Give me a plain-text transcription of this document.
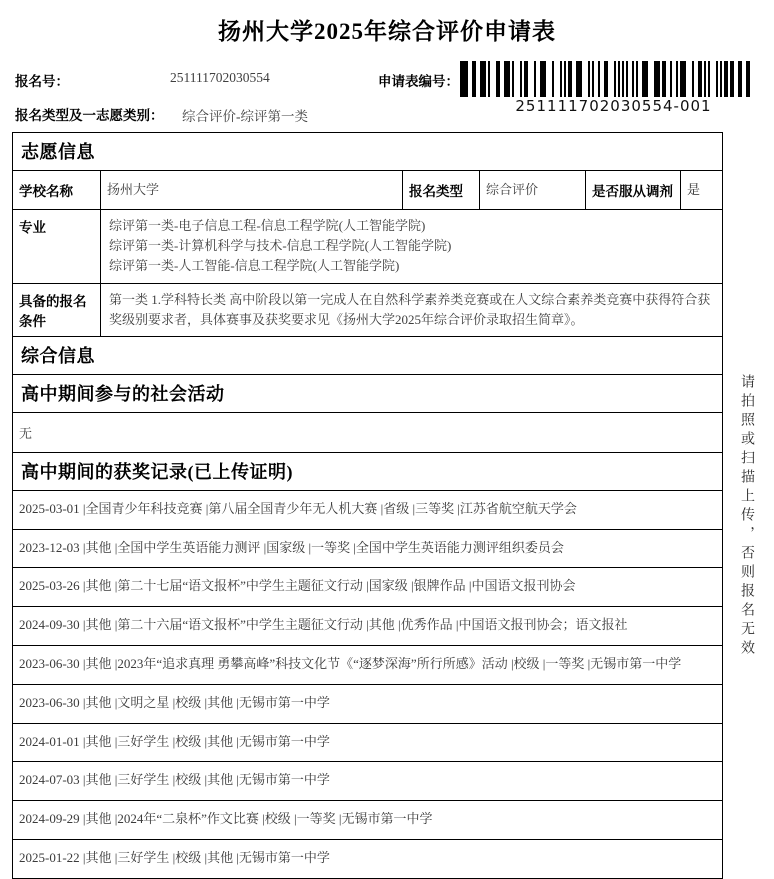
扬州大学2025年综合评价申请表
报名号：	251111702030554	申请表编号：
251111702030554-001
报名类型及一志愿类别： 综合评价-综评第一类
志愿信息
学校名称	扬州大学	报名类型	综合评价	是否服从调剂	是
专业	综评第一类-电子信息工程-信息工程学院(人工智能学院)
综评第一类-计算机科学与技术-信息工程学院(人工智能学院)
综评第一类-人工智能-信息工程学院(人工智能学院)
具备的报名条件
第一类 1.学科特长类 高中阶段以第一完成人在自然科学素养类竞赛或在人文综合素养类竞赛中获得符合获奖级别要求者，具体赛事及获奖要求见《扬州大学2025年综合评价录取招生简章》。
综合信息
高中期间参与的社会活动
无
高中期间的获奖记录(已上传证明)
2025-03-01 |全国青少年科技竞赛 |第八届全国青少年无人机大赛 |省级 |三等奖 |江苏省航空航天学会
2023-12-03 |其他 |全国中学生英语能力测评 |国家级 |一等奖 |全国中学生英语能力测评组织委员会
2025-03-26 |其他 |第二十七届“语文报杯”中学生主题征文行动 |国家级 |银牌作品 |中国语文报刊协会
2024-09-30 |其他 |第二十六届“语文报杯”中学生主题征文行动 |其他 |优秀作品 |中国语文报刊协会；语文报社
2023-06-30 |其他 |2023年“追求真理 勇攀高峰”科技文化节《“逐梦深海”所行所感》活动 |校级 |一等奖 |无锡市第一中学
2023-06-30 |其他 |文明之星 |校级 |其他 |无锡市第一中学
2024-01-01 |其他 |三好学生 |校级 |其他 |无锡市第一中学
2024-07-03 |其他 |三好学生 |校级 |其他 |无锡市第一中学
2024-09-29 |其他 |2024年“二泉杯”作文比赛 |校级 |一等奖 |无锡市第一中学
2025-01-22 |其他 |三好学生 |校级 |其他 |无锡市第一中学
请拍照或扫描上传，否则报名无效
